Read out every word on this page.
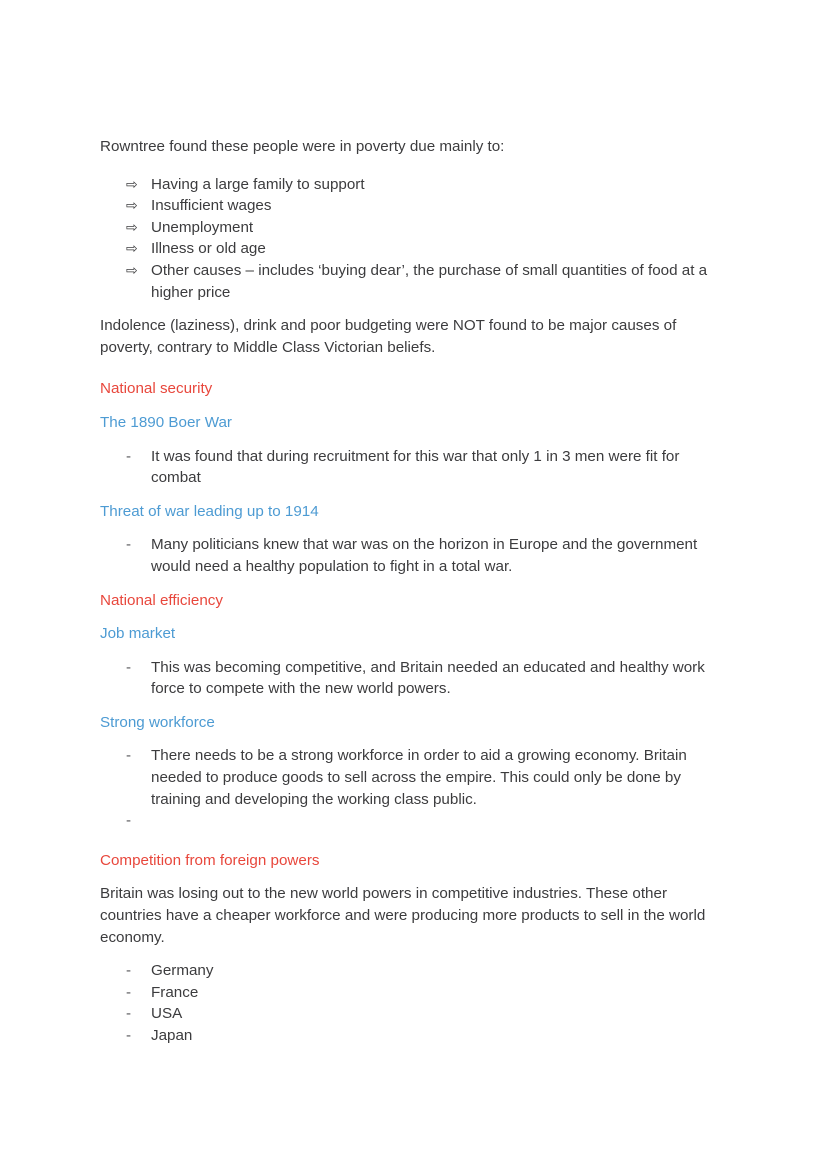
Rowntree found these people were in poverty due mainly to:

⇨ Having a large family to support
⇨ Insufficient wages
⇨ Unemployment
⇨ Illness or old age
⇨ Other causes – includes ‘buying dear’, the purchase of small quantities of food at a higher price

Indolence (laziness), drink and poor budgeting were NOT found to be major causes of poverty, contrary to Middle Class Victorian beliefs.

National security
The 1890 Boer War
-	It was found that during recruitment for this war that only 1 in 3 men were fit for combat
Threat of war leading up to 1914
-	Many politicians knew that war was on the horizon in Europe and the government would need a healthy population to fight in a total war.
National efficiency
Job market
-	This was becoming competitive, and Britain needed an educated and healthy work force to compete with the new world powers.
Strong workforce
-	There needs to be a strong workforce in order to aid a growing economy. Britain needed to produce goods to sell across the empire. This could only be done by training and developing the working class public.
-
Competition from foreign powers

Britain was losing out to the new world powers in competitive industries. These other countries have a cheaper workforce and were producing more products to sell in the world economy.

-	Germany
-	France
-	USA
-	Japan
